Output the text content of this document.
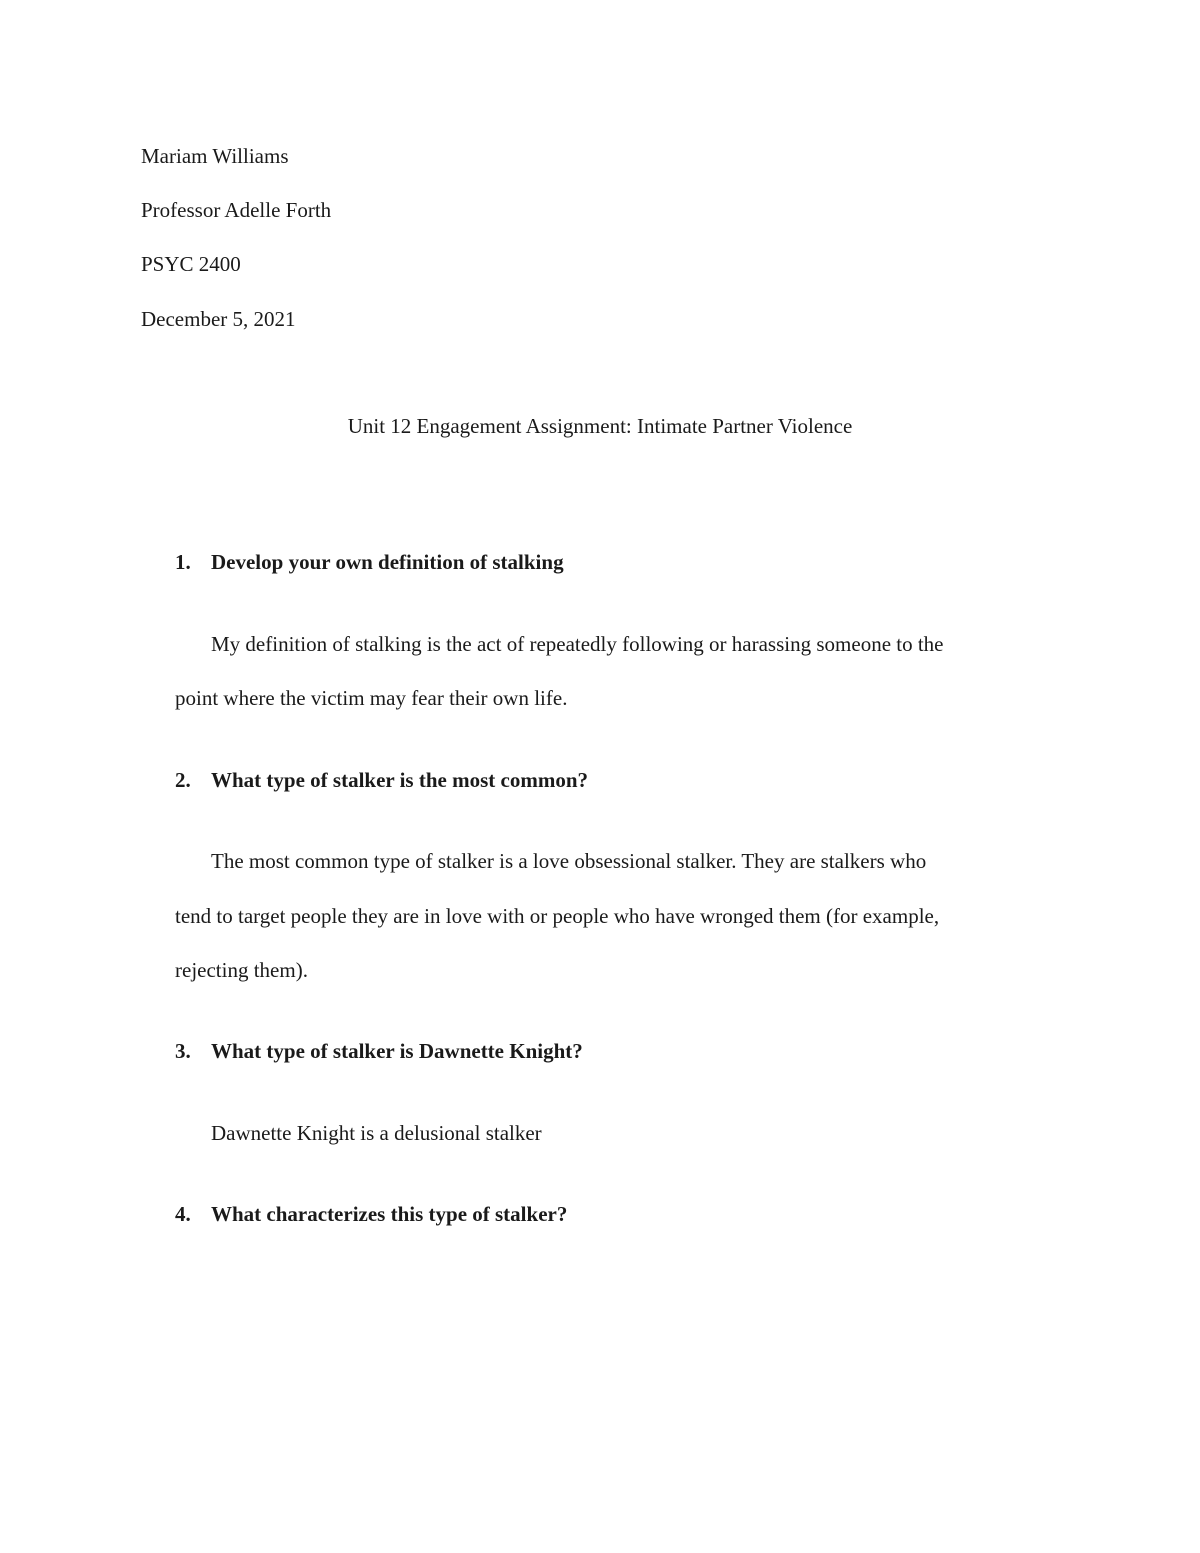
Mariam Williams
Professor Adelle Forth
PSYC 2400
December 5, 2021
Unit 12 Engagement Assignment: Intimate Partner Violence
1. Develop your own definition of stalking
My definition of stalking is the act of repeatedly following or harassing someone to the
point where the victim may fear their own life.
2. What type of stalker is the most common?
The most common type of stalker is a love obsessional stalker. They are stalkers who
tend to target people they are in love with or people who have wronged them (for example,
rejecting them).
3. What type of stalker is Dawnette Knight?
Dawnette Knight is a delusional stalker
4. What characterizes this type of stalker?
